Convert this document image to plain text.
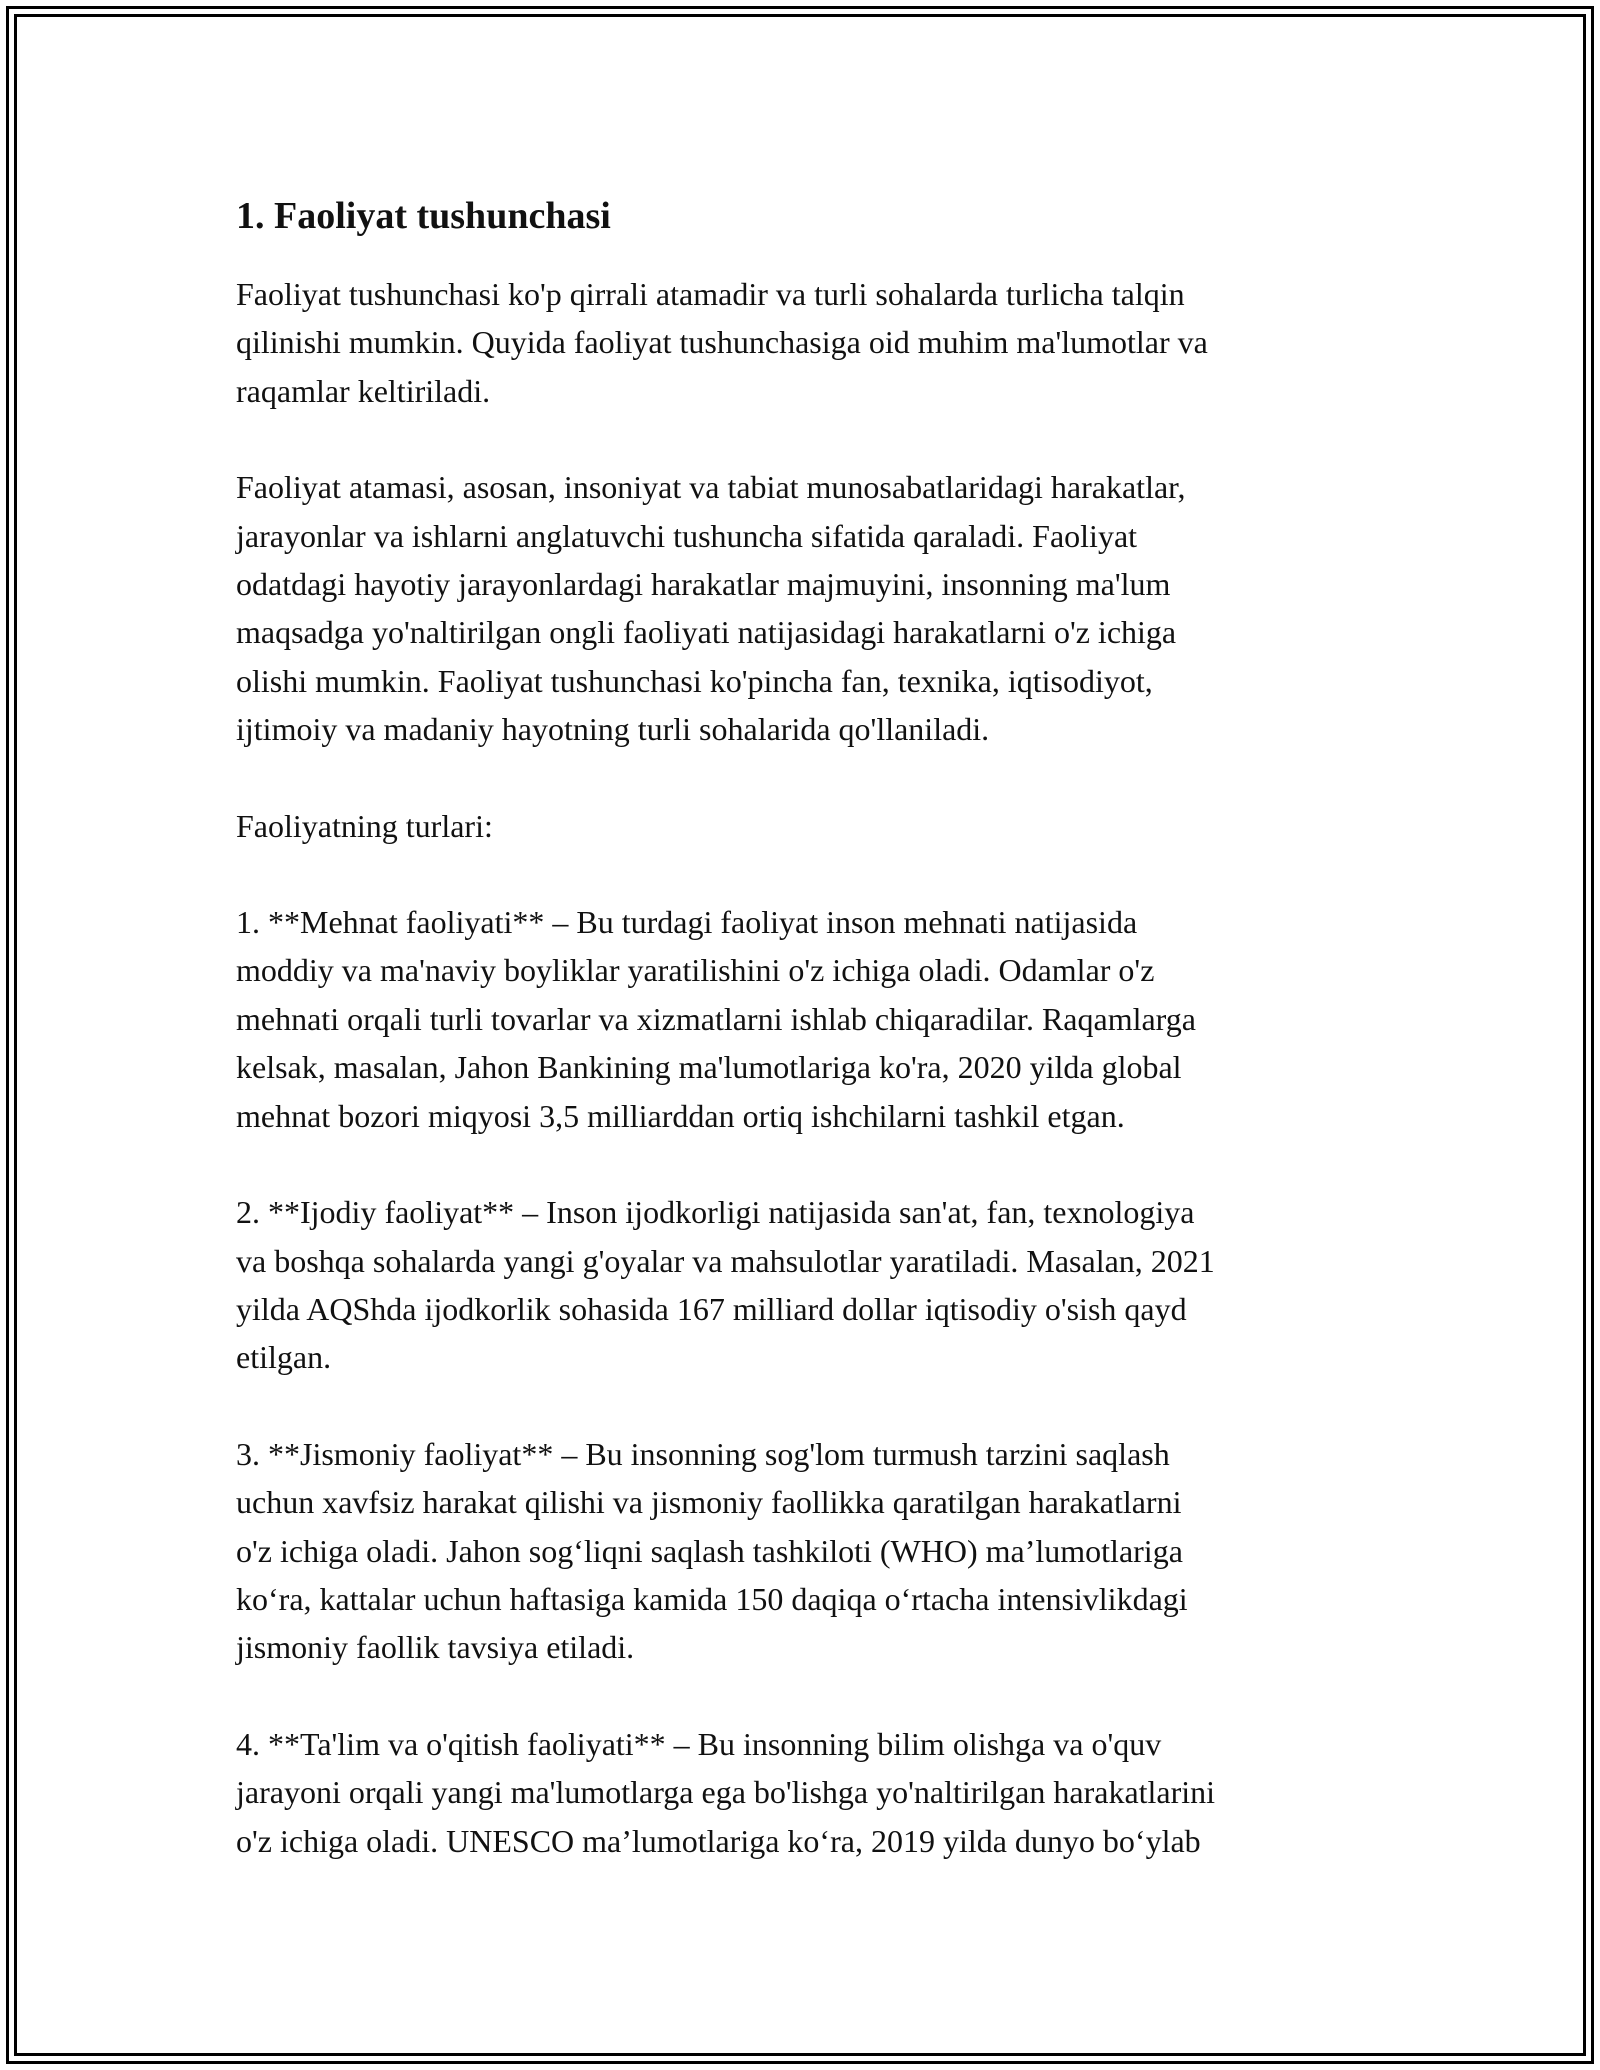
1. Faoliyat tushunchasi

Faoliyat tushunchasi ko'p qirrali atamadir va turli sohalarda turlicha talqin
qilinishi mumkin. Quyida faoliyat tushunchasiga oid muhim ma'lumotlar va
raqamlar keltiriladi.

Faoliyat atamasi, asosan, insoniyat va tabiat munosabatlaridagi harakatlar,
jarayonlar va ishlarni anglatuvchi tushuncha sifatida qaraladi. Faoliyat
odatdagi hayotiy jarayonlardagi harakatlar majmuyini, insonning ma'lum
maqsadga yo'naltirilgan ongli faoliyati natijasidagi harakatlarni o'z ichiga
olishi mumkin. Faoliyat tushunchasi ko'pincha fan, texnika, iqtisodiyot,
ijtimoiy va madaniy hayotning turli sohalarida qo'llaniladi.

Faoliyatning turlari:

1. **Mehnat faoliyati** – Bu turdagi faoliyat inson mehnati natijasida
moddiy va ma'naviy boyliklar yaratilishini o'z ichiga oladi. Odamlar o'z
mehnati orqali turli tovarlar va xizmatlarni ishlab chiqaradilar. Raqamlarga
kelsak, masalan, Jahon Bankining ma'lumotlariga ko'ra, 2020 yilda global
mehnat bozori miqyosi 3,5 milliarddan ortiq ishchilarni tashkil etgan.

2. **Ijodiy faoliyat** – Inson ijodkorligi natijasida san'at, fan, texnologiya
va boshqa sohalarda yangi g'oyalar va mahsulotlar yaratiladi. Masalan, 2021
yilda AQShda ijodkorlik sohasida 167 milliard dollar iqtisodiy o'sish qayd
etilgan.

3. **Jismoniy faoliyat** – Bu insonning sog'lom turmush tarzini saqlash
uchun xavfsiz harakat qilishi va jismoniy faollikka qaratilgan harakatlarni
o'z ichiga oladi. Jahon sog‘liqni saqlash tashkiloti (WHO) ma’lumotlariga
ko‘ra, kattalar uchun haftasiga kamida 150 daqiqa o‘rtacha intensivlikdagi
jismoniy faollik tavsiya etiladi.

4. **Ta'lim va o'qitish faoliyati** – Bu insonning bilim olishga va o'quv
jarayoni orqali yangi ma'lumotlarga ega bo'lishga yo'naltirilgan harakatlarini
o'z ichiga oladi. UNESCO ma’lumotlariga ko‘ra, 2019 yilda dunyo bo‘ylab
